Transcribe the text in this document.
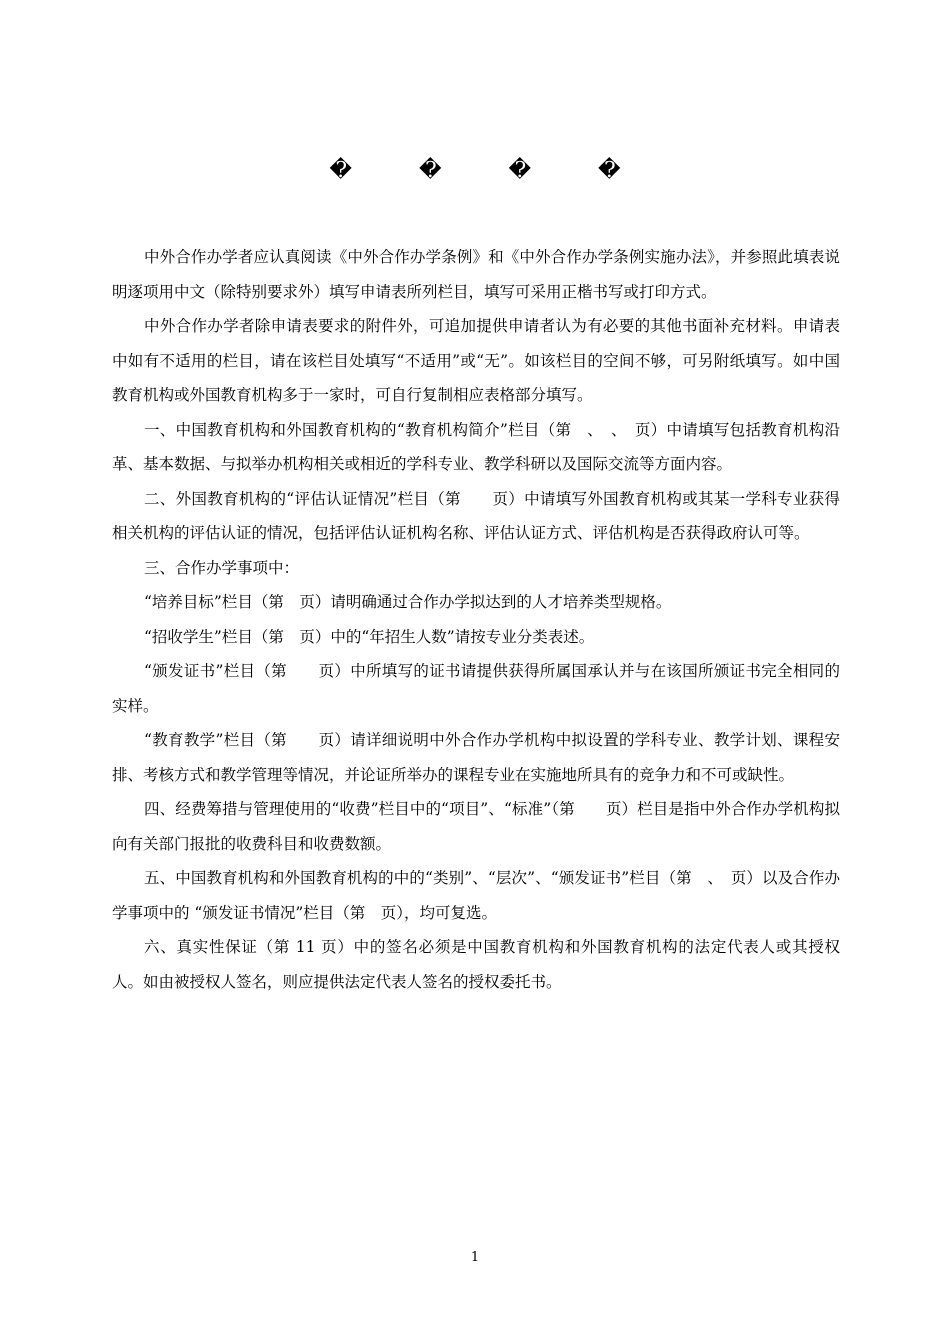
� � � �

中外合作办学者应认真阅读《中外合作办学条例》和《中外合作办学条例实施办法》，并参照此填表说明逐项用中文（除特别要求外）填写申请表所列栏目，填写可采用正楷书写或打印方式。

中外合作办学者除申请表要求的附件外，可追加提供申请者认为有必要的其他书面补充材料。申请表中如有不适用的栏目，请在该栏目处填写“不适用”或“无”。如该栏目的空间不够，可另附纸填写。如中国教育机构或外国教育机构多于一家时，可自行复制相应表格部分填写。

一、中国教育机构和外国教育机构的“教育机构简介”栏目（第　、　、　页）中请填写包括教育机构沿革、基本数据、与拟举办机构相关或相近的学科专业、教学科研以及国际交流等方面内容。

二、外国教育机构的“评估认证情况”栏目（第　　页）中请填写外国教育机构或其某一学科专业获得相关机构的评估认证的情况，包括评估认证机构名称、评估认证方式、评估机构是否获得政府认可等。

三、合作办学事项中：

“培养目标”栏目（第　页）请明确通过合作办学拟达到的人才培养类型规格。

“招收学生”栏目（第　页）中的“年招生人数”请按专业分类表述。

“颁发证书”栏目（第　　页）中所填写的证书请提供获得所属国承认并与在该国所颁证书完全相同的实样。

“教育教学”栏目（第　　页）请详细说明中外合作办学机构中拟设置的学科专业、教学计划、课程安排、考核方式和教学管理等情况，并论证所举办的课程专业在实施地所具有的竞争力和不可或缺性。

四、经费筹措与管理使用的“收费”栏目中的“项目”、“标准”（第　　页）栏目是指中外合作办学机构拟向有关部门报批的收费科目和收费数额。

五、中国教育机构和外国教育机构的中的“类别”、“层次”、“颁发证书”栏目（第　、　页）以及合作办学事项中的 “颁发证书情况”栏目（第　页），均可复选。

六、真实性保证（第 11 页）中的签名必须是中国教育机构和外国教育机构的法定代表人或其授权人。如由被授权人签名，则应提供法定代表人签名的授权委托书。

1
